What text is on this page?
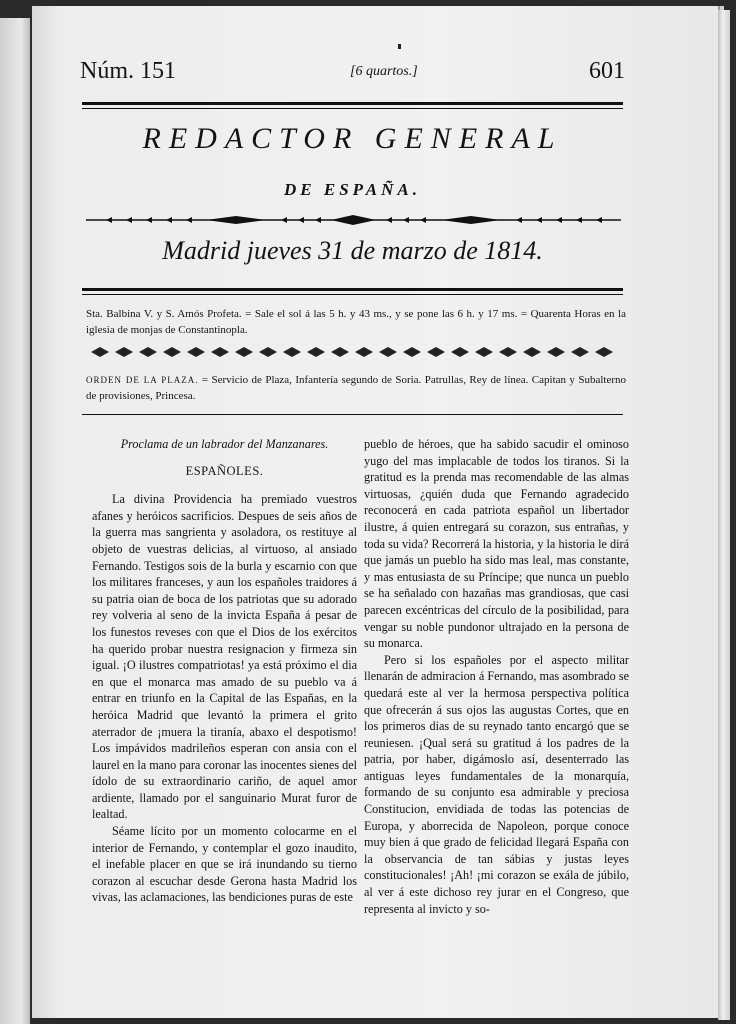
Núm. 151	[6 quartos.]	601
REDACTOR GENERAL
DE ESPAÑA.
Madrid jueves 31 de marzo de 1814.
Sta. Balbina V. y S. Amós Profeta. = Sale el sol á las 5 h. y 43 ms., y se pone las 6 h. y 17 ms. = Quarenta Horas en la iglesia de monjas de Constantinopla.
ORDEN DE LA PLAZA. = Servicio de Plaza, Infantería segundo de Soria. Patrullas, Rey de línea. Capitan y Subalterno de provisiones, Princesa.

Proclama de un labrador del Manzanares.

ESPAÑOLES.

La divina Providencia ha premiado vuestros afanes y heróicos sacrificios. Despues de seis años de la guerra mas sangrienta y asoladora, os restituye al objeto de vuestras delicias, al virtuoso, al ansiado Fernando. Testigos sois de la burla y escarnio con que los militares franceses, y aun los españoles traidores á su patria oian de boca de los patriotas que su adorado rey volveria al seno de la invicta España á pesar de los funestos reveses con que el Dios de los exércitos ha querido probar nuestra resignacion y firmeza sin igual. ¡O ilustres compatriotas! ya está próximo el dia en que el monarca mas amado de su pueblo va á entrar en triunfo en la Capital de las Españas, en la heróica Madrid que levantó la primera el grito aterrador de ¡muera la tiranía, abaxo el despotismo! Los impávidos madrileños esperan con ansia con el laurel en la mano para coronar las inocentes sienes del ídolo de su extraordinario cariño, de aquel amor ardiente, llamado por el sanguinario Murat furor de lealtad.

Séame lícito por un momento colocarme en el interior de Fernando, y contemplar el gozo inaudito, el inefable placer en que se irá inundando su tierno corazon al escuchar desde Gerona hasta Madrid los vivas, las aclamaciones, las bendiciones puras de este

pueblo de héroes, que ha sabido sacudir el ominoso yugo del mas implacable de todos los tiranos. Si la gratitud es la prenda mas recomendable de las almas virtuosas, ¿quién duda que Fernando agradecido reconocerá en cada patriota español un libertador ilustre, á quien entregará su corazon, sus entrañas, y toda su vida? Recorrerá la historia, y la historia le dirá que jamás un pueblo ha sido mas leal, mas constante, y mas entusiasta de su Príncipe; que nunca un pueblo se ha señalado con hazañas mas grandiosas, que casi parecen excéntricas del círculo de la posibilidad, para vengar su noble pundonor ultrajado en la persona de su monarca.

Pero si los españoles por el aspecto militar llenarán de admiracion á Fernando, mas asombrado se quedará este al ver la hermosa perspectiva política que ofrecerán á sus ojos las augustas Cortes, que en los primeros dias de su reynado tanto encargó que se reuniesen. ¡Qual será su gratitud á los padres de la patria, por haber, digámoslo así, desenterrado las antiguas leyes fundamentales de la monarquía, formando de su conjunto esa admirable y preciosa Constitucion, envidiada de todas las potencias de Europa, y aborrecida de Napoleon, porque conoce muy bien á que grado de felicidad llegará España con la observancia de tan sábias y justas leyes constitucionales! ¡Ah! ¡mi corazon se exála de júbilo, al ver á este dichoso rey jurar en el Congreso, que representa al invicto y so-
